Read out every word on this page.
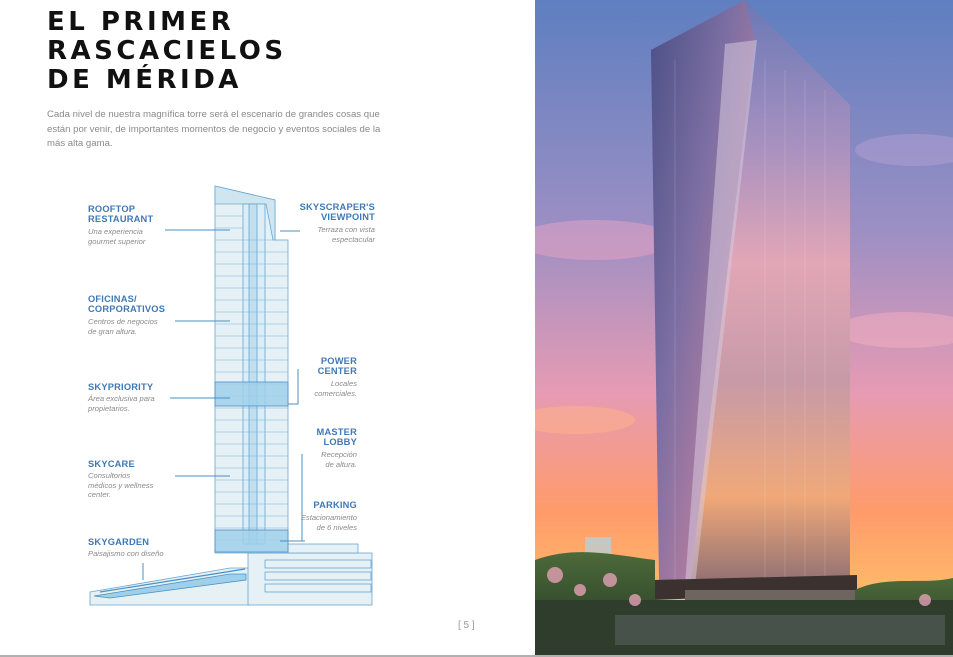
EL PRIMER
RASCACIELOS
DE MÉRIDA

Cada nivel de nuestra magnífica torre será el escenario de grandes cosas que están por venir, de importantes momentos de negocio y eventos sociales de la más alta gama.

ROOFTOP
RESTAURANT
Una experiencia
gourmet superior
SKYSCRAPER'S
VIEWPOINT
Terraza con vista
espectacular
OFICINAS/
CORPORATIVOS
Centros de negocios
de gran altura.
POWER
CENTER
Locales
comerciales.
SKYPRIORITY
Área exclusiva para
propietarios.
MASTER
LOBBY
Recepción
de altura.
SKYCARE
Consultorios
médicos y wellness
center.
PARKING
Estacionamiento
de 6 niveles
SKYGARDEN
Paisajismo con diseño
[ 5 ]
